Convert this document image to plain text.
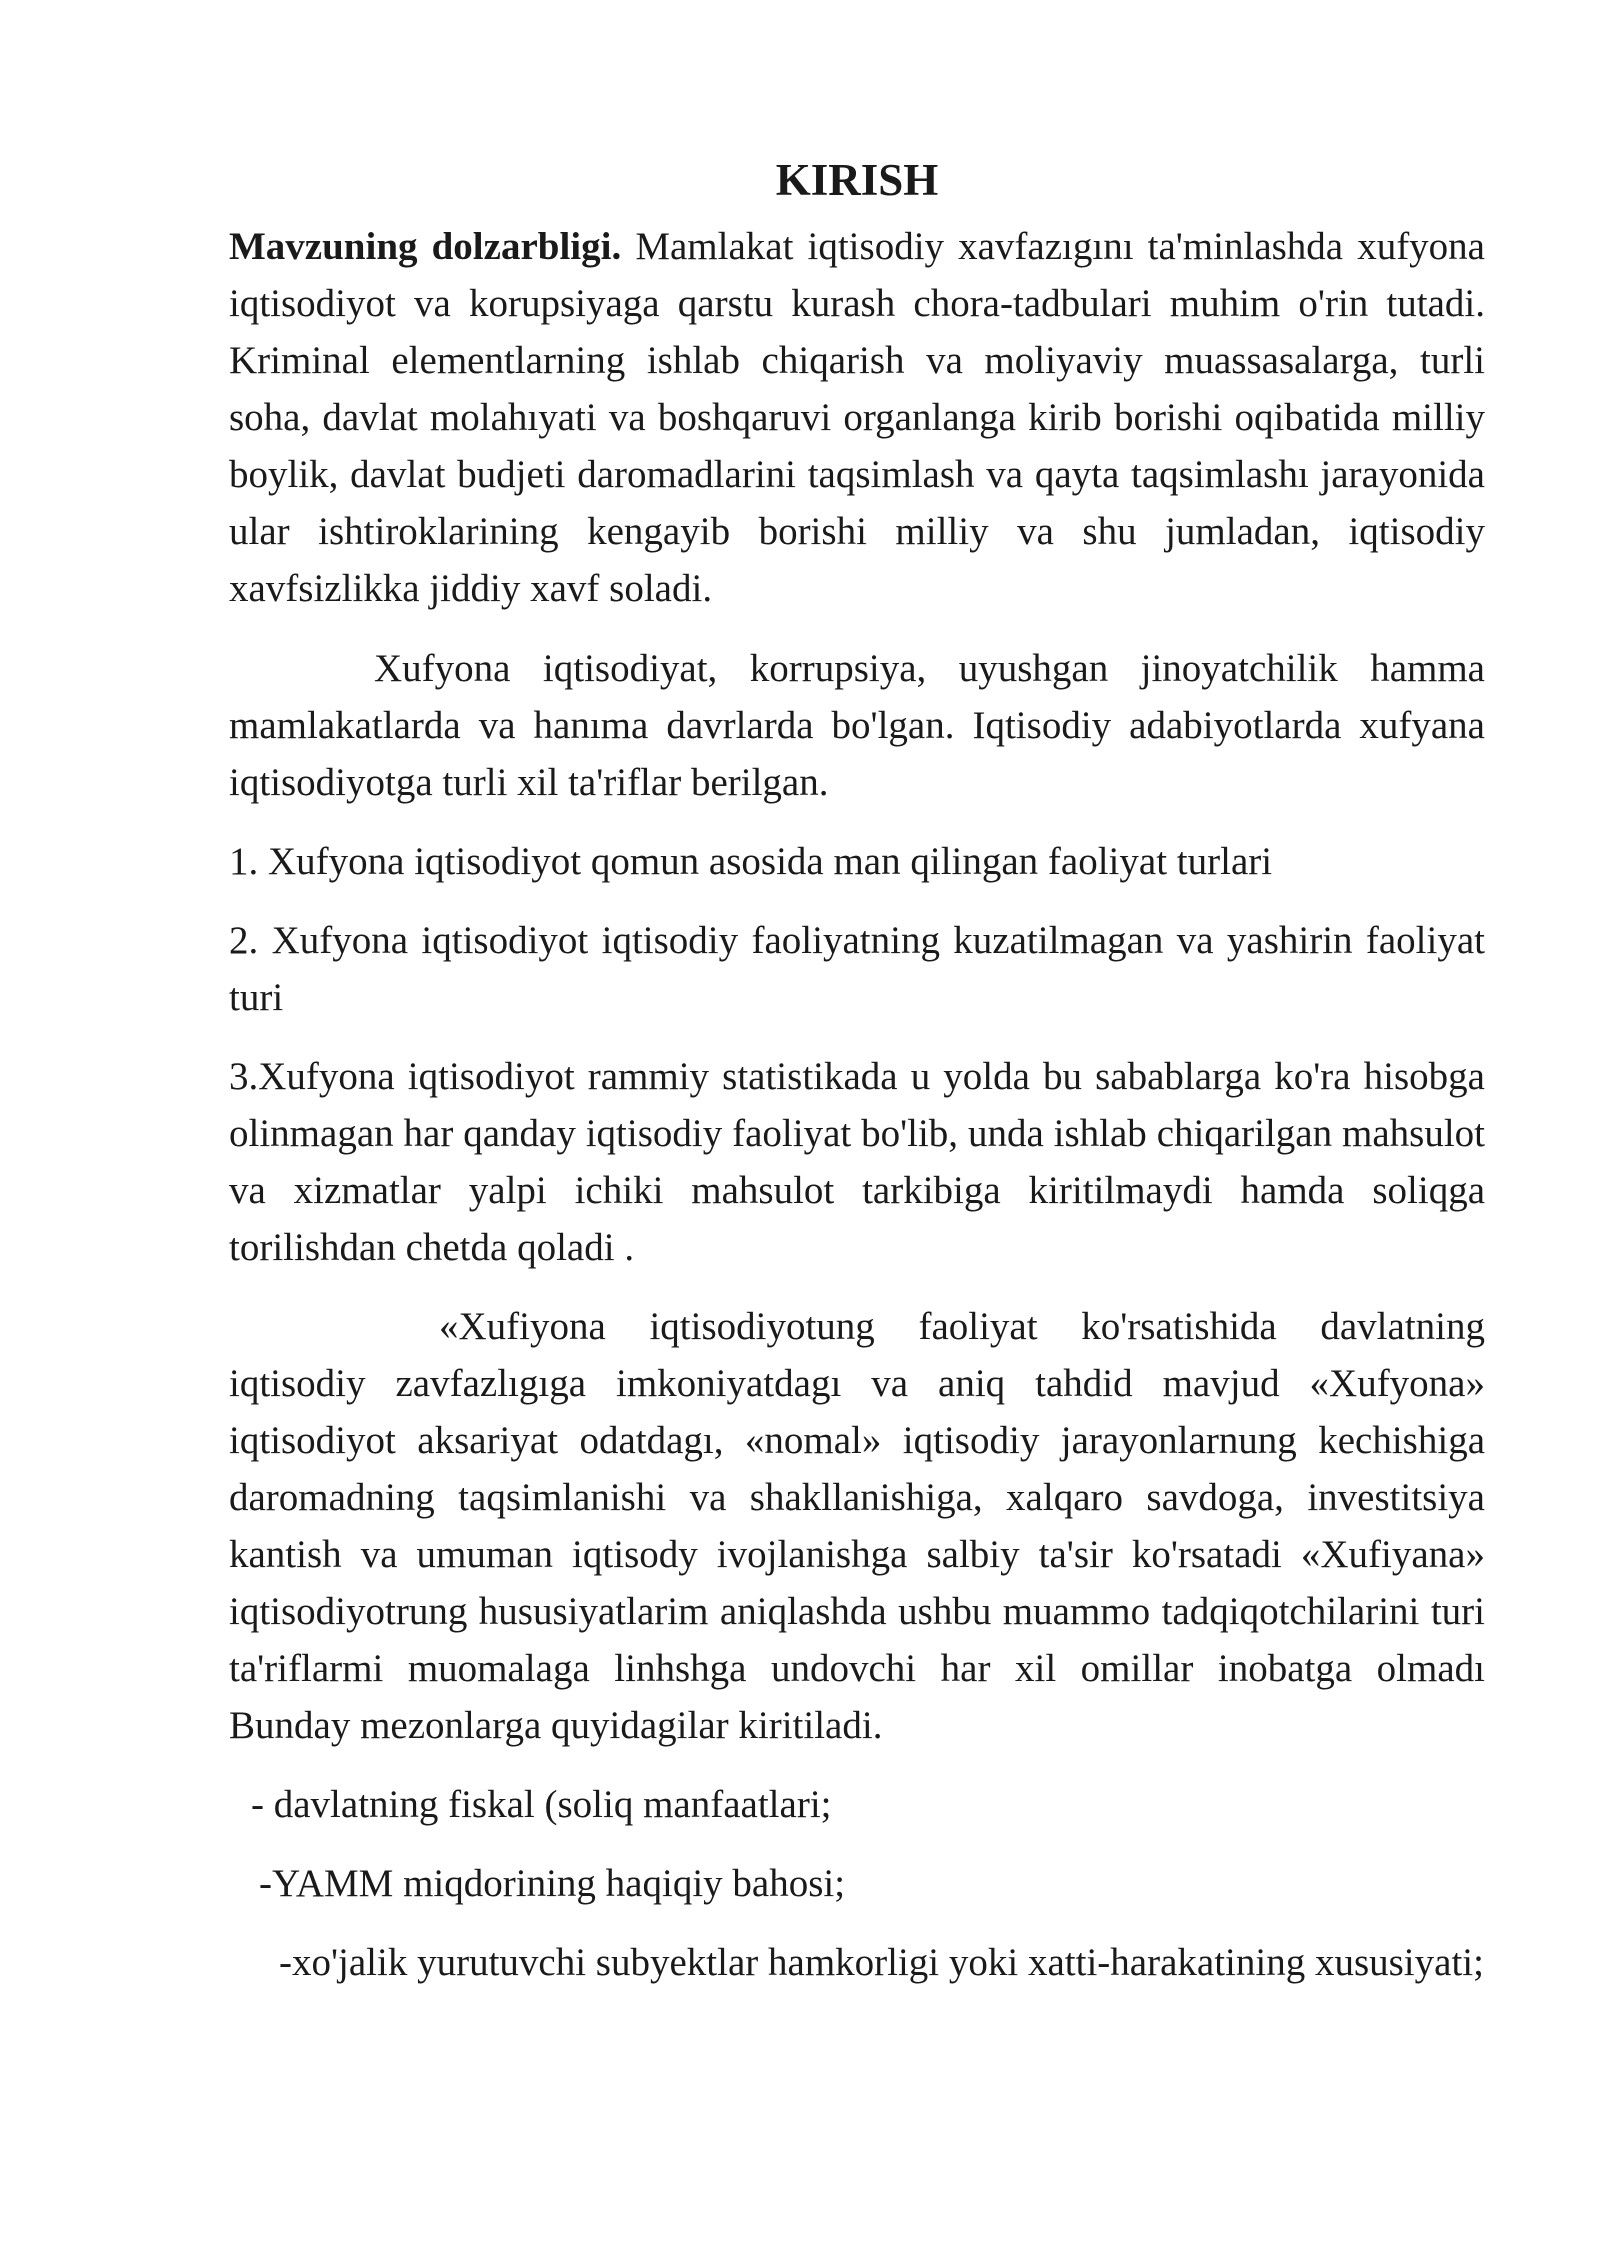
KIRISH

Mavzuning dolzarbligi. Mamlakat iqtisodiy xavfazıgını ta'minlashda xufyona iqtisodiyot va korupsiyaga qarstu kurash chora-tadbulari muhim o'rin tutadi. Kriminal elementlarning ishlab chiqarish va moliyaviy muassasalarga, turli soha, davlat molahıyati va boshqaruvi organlanga kirib borishi oqibatida milliy boylik, davlat budjeti daromadlarini taqsimlash va qayta taqsimlashı jarayonida ular ishtiroklarining kengayib borishi milliy va shu jumladan, iqtisodiy xavfsizlikka jiddiy xavf soladi.

Xufyona iqtisodiyat, korrupsiya, uyushgan jinoyatchilik hamma mamlakatlarda va hanıma davrlarda bo'lgan. Iqtisodiy adabiyotlarda xufyana iqtisodiyotga turli xil ta'riflar berilgan.

1. Xufyona iqtisodiyot qomun asosida man qilingan faoliyat turlari

2. Xufyona iqtisodiyot iqtisodiy faoliyatning kuzatilmagan va yashirin faoliyat turi

3.Xufyona iqtisodiyot rammiy statistikada u yolda bu sabablarga ko'ra hisobga olinmagan har qanday iqtisodiy faoliyat bo'lib, unda ishlab chiqarilgan mahsulot va xizmatlar yalpi ichiki mahsulot tarkibiga kiritilmaydi hamda soliqga torilishdan chetda qoladi .

«Xufiyona iqtisodiyotung faoliyat ko'rsatishida davlatning iqtisodiy zavfazlıgıga imkoniyatdagı va aniq tahdid mavjud «Xufyona» iqtisodiyot aksariyat odatdagı, «nomal» iqtisodiy jarayonlarnung kechishiga daromadning taqsimlanishi va shakllanishiga, xalqaro savdoga, investitsiya kantish va umuman iqtisody ivojlanishga salbiy ta'sir ko'rsatadi «Xufiyana» iqtisodiyotrung hususiyatlarim aniqlashda ushbu muammo tadqiqotchilarini turi ta'riflarmi muomalaga linhshga undovchi har xil omillar inobatga olmadı Bunday mezonlarga quyidagilar kiritiladi.

- davlatning fiskal (soliq manfaatlari;

-YAMM miqdorining haqiqiy bahosi;

-xo'jalik yurutuvchi subyektlar hamkorligi yoki xatti-harakatining xususiyati;
